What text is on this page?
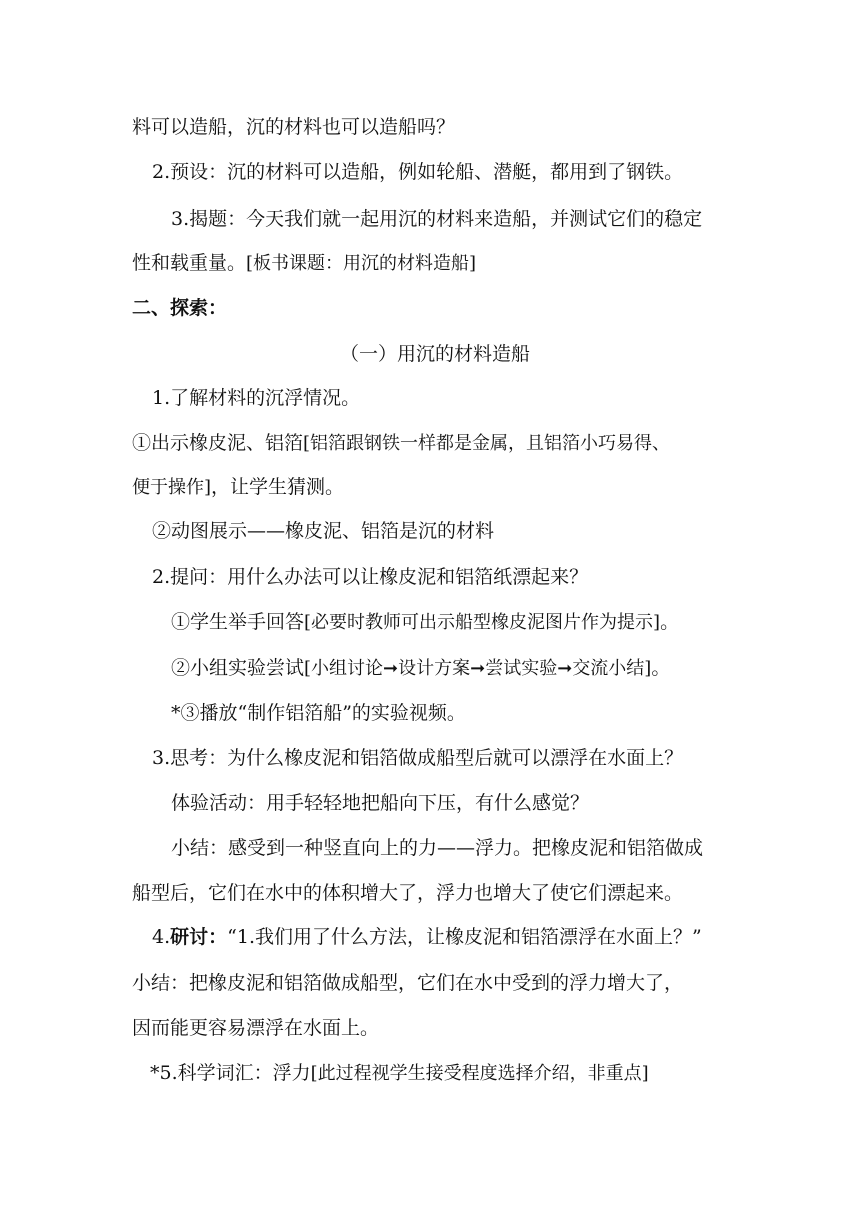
料可以造船，沉的材料也可以造船吗？
2.预设：沉的材料可以造船，例如轮船、潜艇，都用到了钢铁。
3.揭题：今天我们就一起用沉的材料来造船，并测试它们的稳定
性和载重量。[板书课题：用沉的材料造船]
二、探索：
（一）用沉的材料造船
1.了解材料的沉浮情况。
①出示橡皮泥、铝箔[铝箔跟钢铁一样都是金属，且铝箔小巧易得、
便于操作]，让学生猜测。
②动图展示——橡皮泥、铝箔是沉的材料
2.提问：用什么办法可以让橡皮泥和铝箔纸漂起来？
①学生举手回答[必要时教师可出示船型橡皮泥图片作为提示]。
②小组实验尝试[小组讨论➞设计方案➞尝试实验➞交流小结]。
*③播放“制作铝箔船”的实验视频。
3.思考：为什么橡皮泥和铝箔做成船型后就可以漂浮在水面上？
体验活动：用手轻轻地把船向下压，有什么感觉？
小结：感受到一种竖直向上的力——浮力。把橡皮泥和铝箔做成
船型后，它们在水中的体积增大了，浮力也增大了使它们漂起来。
4.研讨：“1.我们用了什么方法，让橡皮泥和铝箔漂浮在水面上？”
小结：把橡皮泥和铝箔做成船型，它们在水中受到的浮力增大了，
因而能更容易漂浮在水面上。
*5.科学词汇：浮力[此过程视学生接受程度选择介绍，非重点]
